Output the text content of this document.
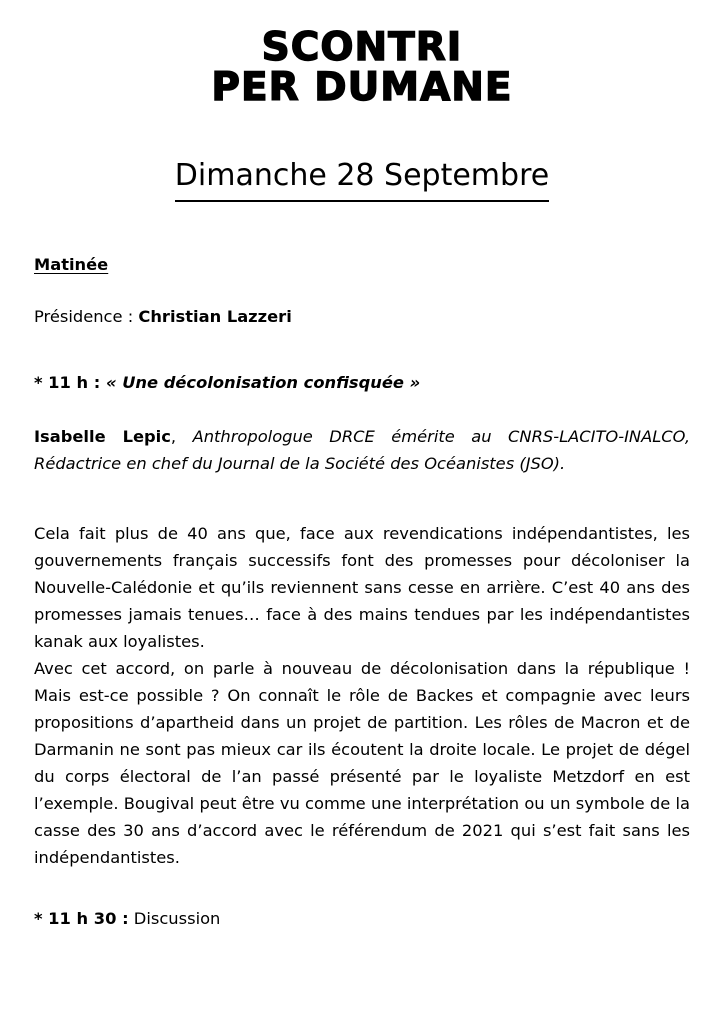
SCONTRI
PER DUMANE
Dimanche 28 Septembre

Matinée

Présidence : Christian Lazzeri

* 11 h : « Une décolonisation confisquée »

Isabelle Lepic, Anthropologue DRCE émérite au CNRS-LACITO-INALCO, Rédactrice en chef du Journal de la Société des Océanistes (JSO).

Cela fait plus de 40 ans que, face aux revendications indépendantistes, les gouvernements français successifs font des promesses pour décoloniser la Nouvelle-Calédonie et qu’ils reviennent sans cesse en arrière. C’est 40 ans des promesses jamais tenues… face à des mains tendues par les indépendantistes kanak aux loyalistes.

Avec cet accord, on parle à nouveau de décolonisation dans la république ! Mais est-ce possible ? On connaît le rôle de Backes et compagnie avec leurs propositions d’apartheid dans un projet de partition. Les rôles de Macron et de Darmanin ne sont pas mieux car ils écoutent la droite locale. Le projet de dégel du corps électoral de l’an passé présenté par le loyaliste Metzdorf en est l’exemple. Bougival peut être vu comme une interprétation ou un symbole de la casse des 30 ans d’accord avec le référendum de 2021 qui s’est fait sans les indépendantistes.

* 11 h 30 : Discussion
